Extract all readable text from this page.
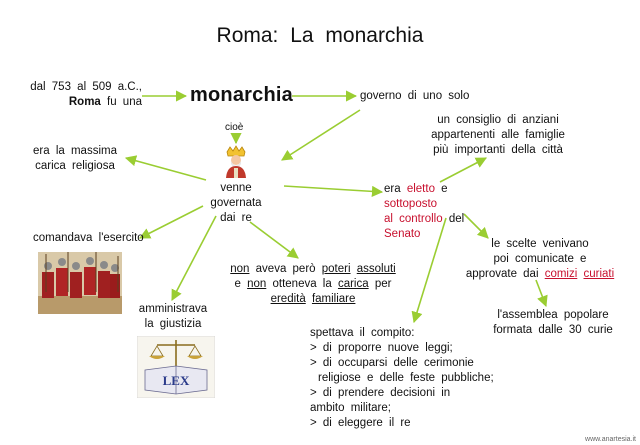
Roma: La monarchia
dal 753 al 509 a.C.,
Roma fu una monarchia	governo di uno solo
cioè
venne
governata
dai re
era la massima
carica religiosa
un consiglio di anziani
appartenenti alle famiglie
più importanti della città
era eletto e sottoposto
al controllo del Senato
comandava l'esercito
amministrava
la giustizia
LEX
non aveva però poteri assoluti
e non otteneva la carica per
eredità familiare
le scelte venivano
poi comunicate e
approvate dai comizi curiati
l'assemblea popolare
formata dalle 30 curie
spettava il compito:
> di proporre nuove leggi;
> di occuparsi delle cerimonie
religiose e delle feste pubbliche;
> di prendere decisioni in
ambito militare;
> di eleggere il re
www.anartesia.it
